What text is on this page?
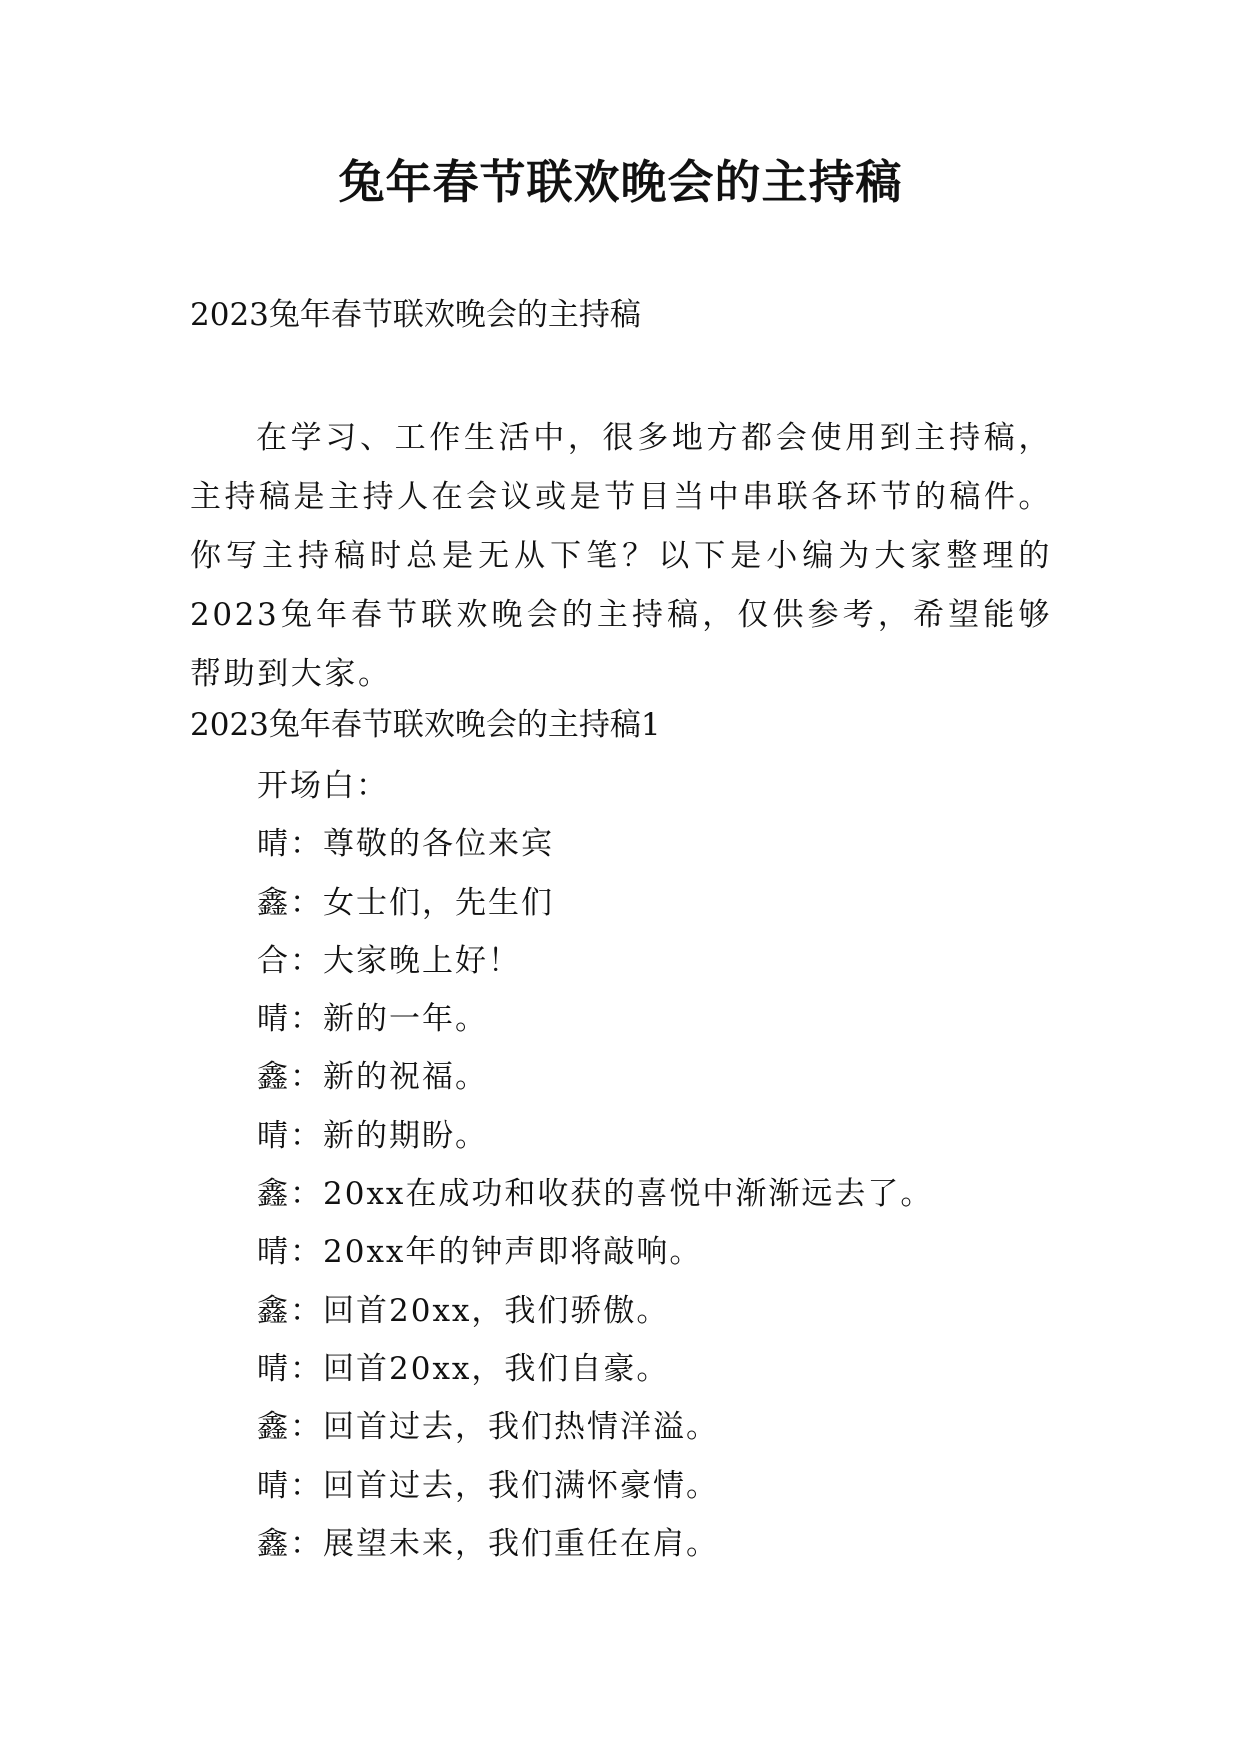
兔年春节联欢晚会的主持稿

2023兔年春节联欢晚会的主持稿

在学习、工作生活中，很多地方都会使用到主持稿，主持稿是主持人在会议或是节目当中串联各环节的稿件。你写主持稿时总是无从下笔？以下是小编为大家整理的2023兔年春节联欢晚会的主持稿，仅供参考，希望能够帮助到大家。

2023兔年春节联欢晚会的主持稿1

开场白：
晴：尊敬的各位来宾
鑫：女士们，先生们
合：大家晚上好！
晴：新的一年。
鑫：新的祝福。
晴：新的期盼。
鑫：20xx在成功和收获的喜悦中渐渐远去了。
晴：20xx年的钟声即将敲响。
鑫：回首20xx，我们骄傲。
晴：回首20xx，我们自豪。
鑫：回首过去，我们热情洋溢。
晴：回首过去，我们满怀豪情。
鑫：展望未来，我们重任在肩。
